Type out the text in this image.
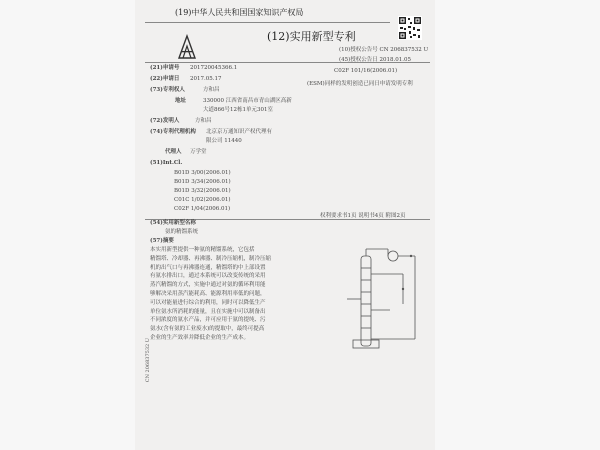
(19)中华人民共和国国家知识产权局
(12)实用新型专利
(10)授权公告号 CN 206837532 U
(45)授权公告日 2018.01.05
C02F 101/16(2006.01)
(21)申请号 201720045366.1
(22)申请日 2017.05.17
(ESM)同样的发明创造已同日申请发明专利
(73)专利权人	方和昌
地址	330000 江西省南昌市青山湖区高新
大道866号12栋1单元301室
(72)发明人	方和昌
(74)专利代理机构 北京京万通知识产权代理有
限公司 11440
代理人 万学堂
(51)Int.Cl.
B01D 3/00(2006.01)
B01D 3/34(2006.01)
B01D 3/32(2006.01)
C01C 1/02(2006.01)
C02F 1/04(2006.01)
权利要求书1页 说明书4页 附图2页
(54)实用新型名称
氨的精馏系统
(57)摘要
本实用新型提供一种氨的精馏系统，它包括
精馏塔、冷却器、再沸器、制冷压缩机，制冷压缩
机的出气口与再沸器连通，精馏塔的中上部设置
有氨水排出口，通过本系统可以改变传统的采用
蒸汽精馏的方式，实施中通过对氨的循环利用能
够解决采用蒸汽能耗高、能源利用率低的问题，
可以对能量进行综合的利用，同时可以降低生产
单位氨水所消耗的能量，且在实施中可以制备出
不同浓度的氨水产品，并可应用于氨的提纯、污
氨水(含有氨的工业废水)的提取中，最终可提高
企业的生产效率并降低企业的生产成本。
CN 206837532 U
